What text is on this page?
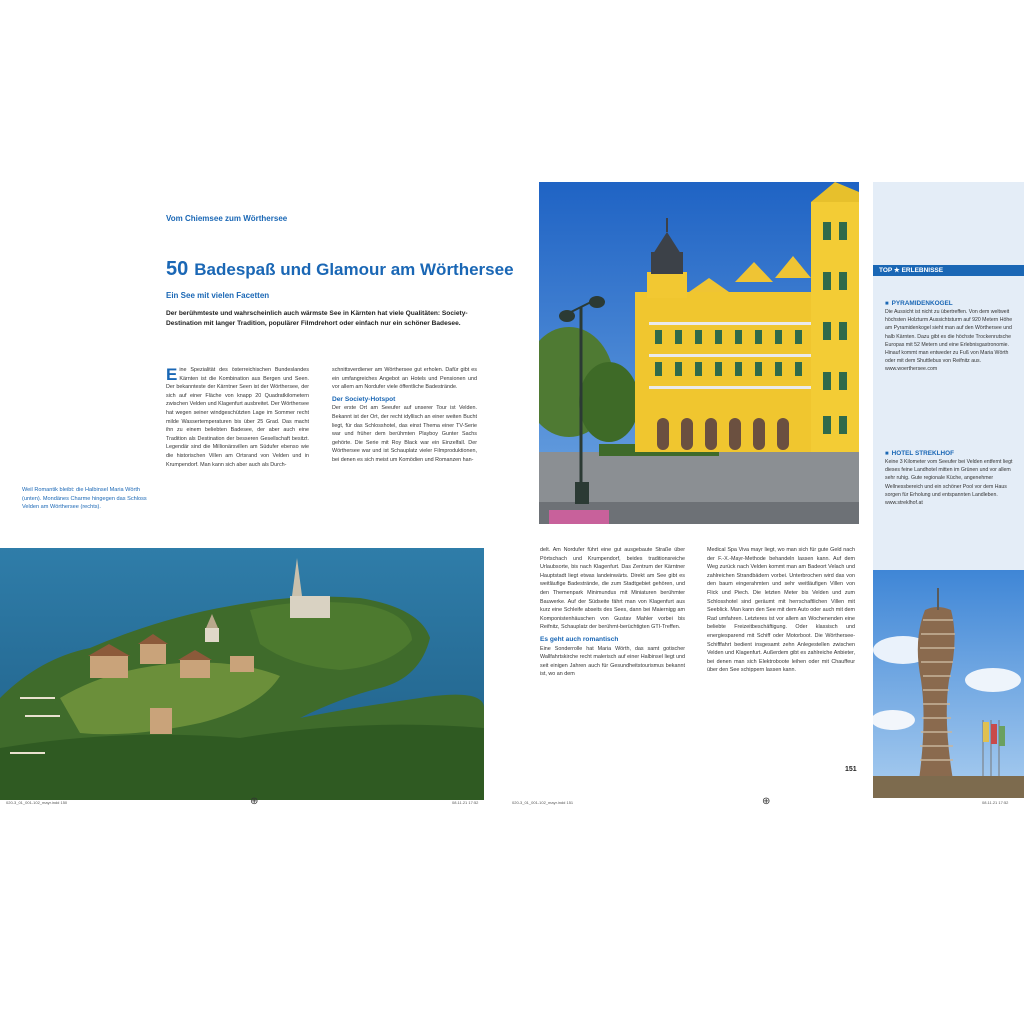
Vom Chiemsee zum Wörthersee
50 Badespaß und Glamour am Wörthersee
Ein See mit vielen Facetten

Der berühmteste und wahrscheinlich auch wärmste See in Kärnten hat viele Qualitäten: Society-Destination mit langer Tradition, populärer Filmdrehort oder einfach nur ein schöner Badesee.

Eine Spezialität des österreichischen Bundeslandes Kärnten ist die Kombination aus Bergen und Seen. Der bekannteste der Kärntner Seen ist der Wörthersee, der sich auf einer Fläche von knapp 20 Quadratkilometern zwischen Velden und Klagenfurt ausbreitet. Der Wörthersee hat wegen seiner windgeschützten Lage im Sommer recht milde Wassertemperaturen bis über 25 Grad. Das macht ihn zu einem beliebten Badesee, der aber auch eine Tradition als Destination der besseren Gesellschaft besitzt. Legendär sind die Millionärsvillen am Südufer ebenso wie die historischen Villen am Ortsrand von Velden und in Krumpendorf. Man kann sich aber auch als Durch-
schnittsverdiener am Wörthersee gut erholen. Dafür gibt es ein umfangreiches Angebot an Hotels und Pensionen und vor allem am Nordufer viele öffentliche Badestrände.
Der Society-Hotspot
Der erste Ort am Seeufer auf unserer Tour ist Velden. Bekannt ist der Ort, der recht idyllisch an einer weiten Bucht liegt, für das Schlosshotel, das einst Thema einer TV-Serie war und früher dem berühmten Playboy Gunter Sachs gehörte. Die Serie mit Roy Black war ein Einzelfall. Der Wörthersee war und ist Schauplatz vieler Filmproduktionen, bei denen es sich meist um Komödien und Romanzen han-
Weil Romantik bleibt: die Halbinsel Maria Wörth (unten). Mondänes Charme hingegen das Schloss Velden am Wörthersee (rechts).
delt. Am Nordufer führt eine gut ausgebaute Straße über Pörtschach und Krumpendorf, beides traditionsreiche Urlaubsorte, bis nach Klagenfurt. Das Zentrum der Kärntner Hauptstadt liegt etwas landeinwärts. Direkt am See gibt es weitläufige Badestrände, die zum Stadtgebiet gehören, und den Themenpark Minimundus mit Miniaturen berühmter Bauwerke. Auf der Südseite fährt man von Klagenfurt aus kurz eine Schleife abseits des Sees, dann bei Maiernigg am Komponistenhäuschen von Gustav Mahler vorbei bis Reifnitz, Schauplatz der berühmt-berüchtigten GTI-Treffen.
Es geht auch romantisch
Eine Sonderrolle hat Maria Wörth, das samt gotischer Wallfahrtskirche recht malerisch auf einer Halbinsel liegt und seit einigen Jahren auch für Gesundheitstourismus bekannt ist, wo an dem
Medical Spa Viva mayr liegt, wo man sich für gute Geld nach der F.-X.-Mayr-Methode behandeln lassen kann. Auf dem Weg zurück nach Velden kommt man am Badeort Velach und zahlreichen Strandbädern vorbei. Unterbrochen wird das von den baum eingerahmten und sehr weitläufigen Villen von Flick und Piech. Die letzten Meter bis Velden und zum Schlosshotel sind geräumt mit herrschaftlichen Villen mit Seeblick. Man kann den See mit dem Auto oder auch mit dem Rad umfahren. Letzteres ist vor allem an Wochenenden eine beliebte Freizeitbeschäftigung. Oder klassisch und energiesparend mit Schiff oder Motorboot. Die Wörthersee-Schifffahrt bedient insgesamt zehn Anlegestellen zwischen Velden und Klagenfurt. Außerdem gibt es zahlreiche Anbieter, bei denen man sich Elektroboote leihen oder mit Chauffeur über den See schippern lassen kann.
TOP ★ ERLEBNISSE
■ PYRAMIDENKOGEL

Die Aussicht ist nicht zu übertreffen. Von dem weltweit höchsten Holzturm Aussichtsturm auf 920 Metern Höhe am Pyramidenkogel sieht man auf den Wörthersee und halb Kärnten. Dazu gibt es die höchste Trockenrutsche Europas mit 52 Metern und eine Erlebnisgastronomie. Hinauf kommt man entweder zu Fuß von Maria Wörth oder mit dem Shuttlebus von Reifnitz aus. www.woerthersee.com

■ HOTEL STREKLHOF

Keine 3 Kilometer vom Seeufer bei Velden entfernt liegt dieses feine Landhotel mitten im Grünen und vor allem sehr ruhig. Gute regionale Küche, angenehmer Wellnessbereich und ein schöner Pool vor dem Haus sorgen für Erholung und entspannten Landleben. www.streklhof.at

151
020-3_01_001-102_mayr.indd 150	⊕	08.11.21 17:52	020-3_01_001-102_mayr.indd 151	⊕	08.11.21 17:52
